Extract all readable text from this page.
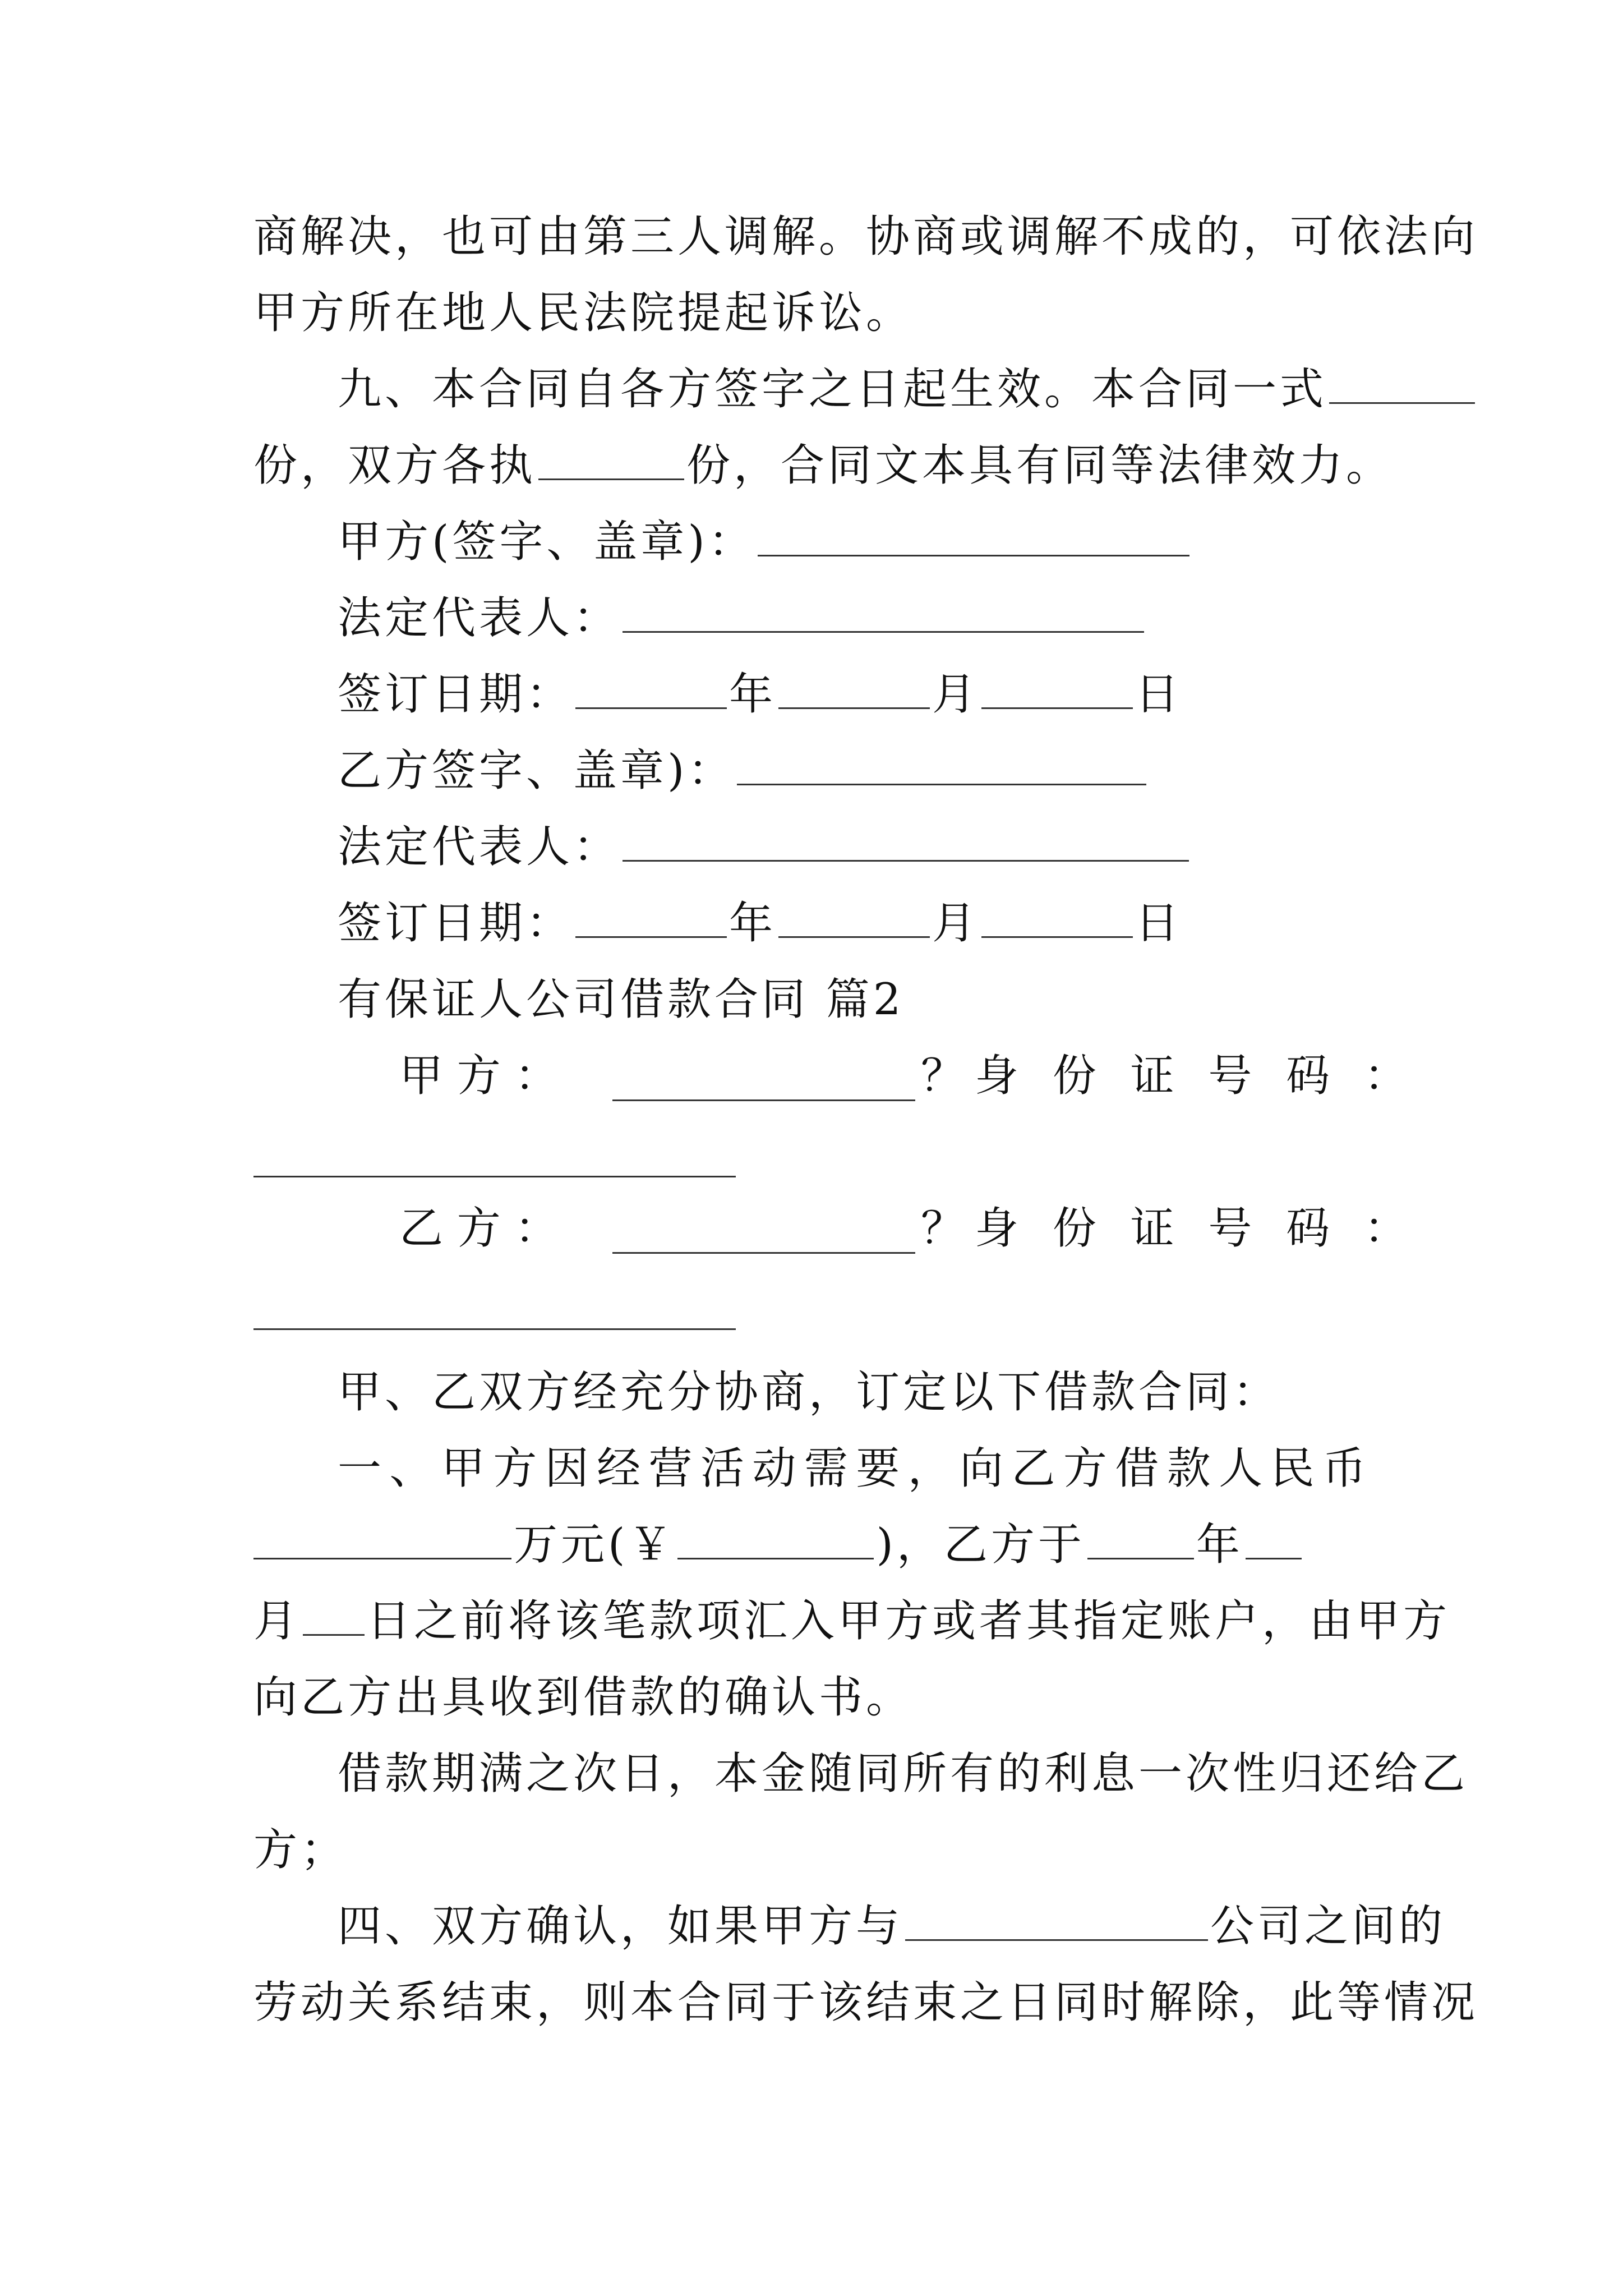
商解决，也可由第三人调解。协商或调解不成的，可依法向
甲方所在地人民法院提起诉讼。
九、本合同自各方签字之日起生效。本合同一式
份，双方各执	份，合同文本具有同等法律效力。
甲方(签字、盖章)：
法定代表人：
签订日期：	年	月	日
乙方签字、盖章)：
法定代表人：
签订日期：	年	月	日
有保证人公司借款合同 篇2
甲 方 ：	？身 份 证 号 码 ：
乙 方 ：	？身 份 证 号 码 ：
甲、乙双方经充分协商，订定以下借款合同：
一、甲方因经营活动需要，向乙方借款人民币
万元(￥	)，乙方于	年
月 日之前将该笔款项汇入甲方或者其指定账户，由甲方
向乙方出具收到借款的确认书。
借款期满之次日，本金随同所有的利息一次性归还给乙
方；
四、双方确认，如果甲方与	公司之间的
劳动关系结束，则本合同于该结束之日同时解除，此等情况
